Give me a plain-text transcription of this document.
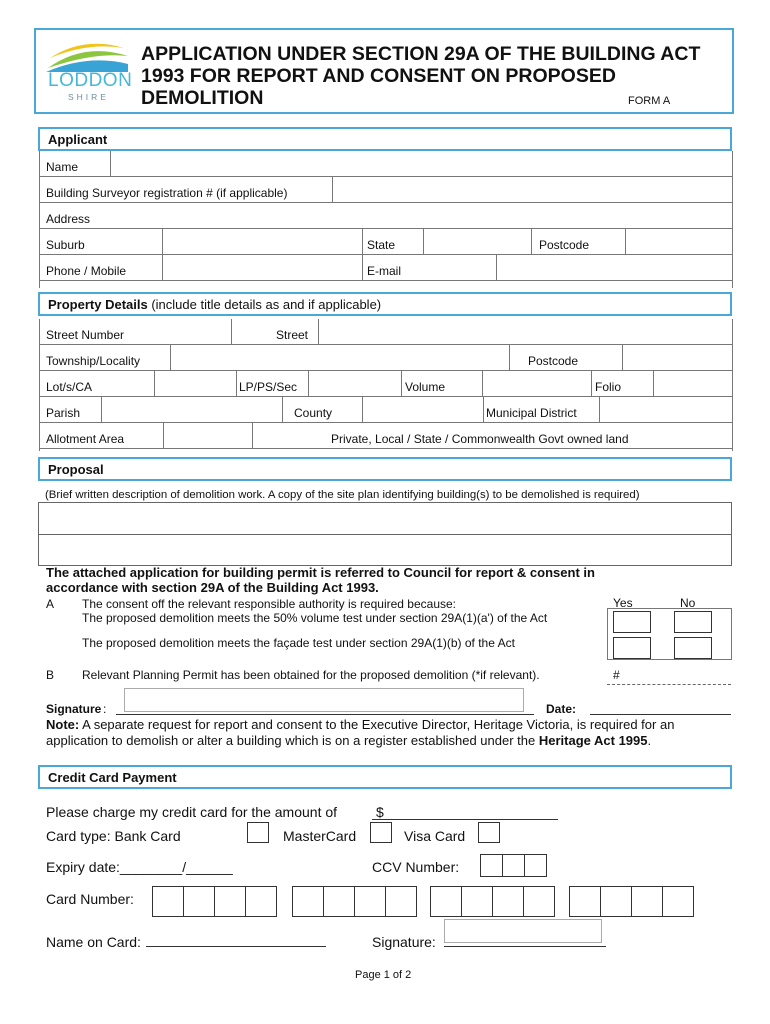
LODDON
SHIRE
APPLICATION UNDER SECTION 29A OF THE BUILDING ACT 1993 FOR REPORT AND CONSENT ON PROPOSED DEMOLITION	FORM A
Applicant
Name
Building Surveyor registration # (if applicable)
Address
Suburb	State	Postcode
Phone / Mobile	E-mail
Property Details (include title details as and if applicable)
Street Number	Street
Township/Locality	Postcode
Lot/s/CA	LP/PS/Sec	Volume	Folio
Parish	County	Municipal District
Allotment Area	Private, Local / State / Commonwealth Govt owned land
Proposal
(Brief written description of demolition work. A copy of the site plan identifying building(s) to be demolished is required)
The attached application for building permit is referred to Council for report & consent in accordance with section 29A of the Building Act 1993.
A The consent off the relevant responsible authority is required because:
The proposed demolition meets the 50% volume test under section 29A(1)(a') of the Act
The proposed demolition meets the façade test under section 29A(1)(b) of the Act
Yes	No
B Relevant Planning Permit has been obtained for the proposed demolition (*if relevant).	#
Signature :	Date:
Note: A separate request for report and consent to the Executive Director, Heritage Victoria, is required for an application to demolish or alter a building which is on a register established under the Heritage Act 1995.
Credit Card Payment
Please charge my credit card for the amount of	$
Card type: Bank Card	MasterCard	Visa Card
Expiry date:________/______	CCV Number:
Card Number:
Name on Card:	Signature:
Page 1 of 2
